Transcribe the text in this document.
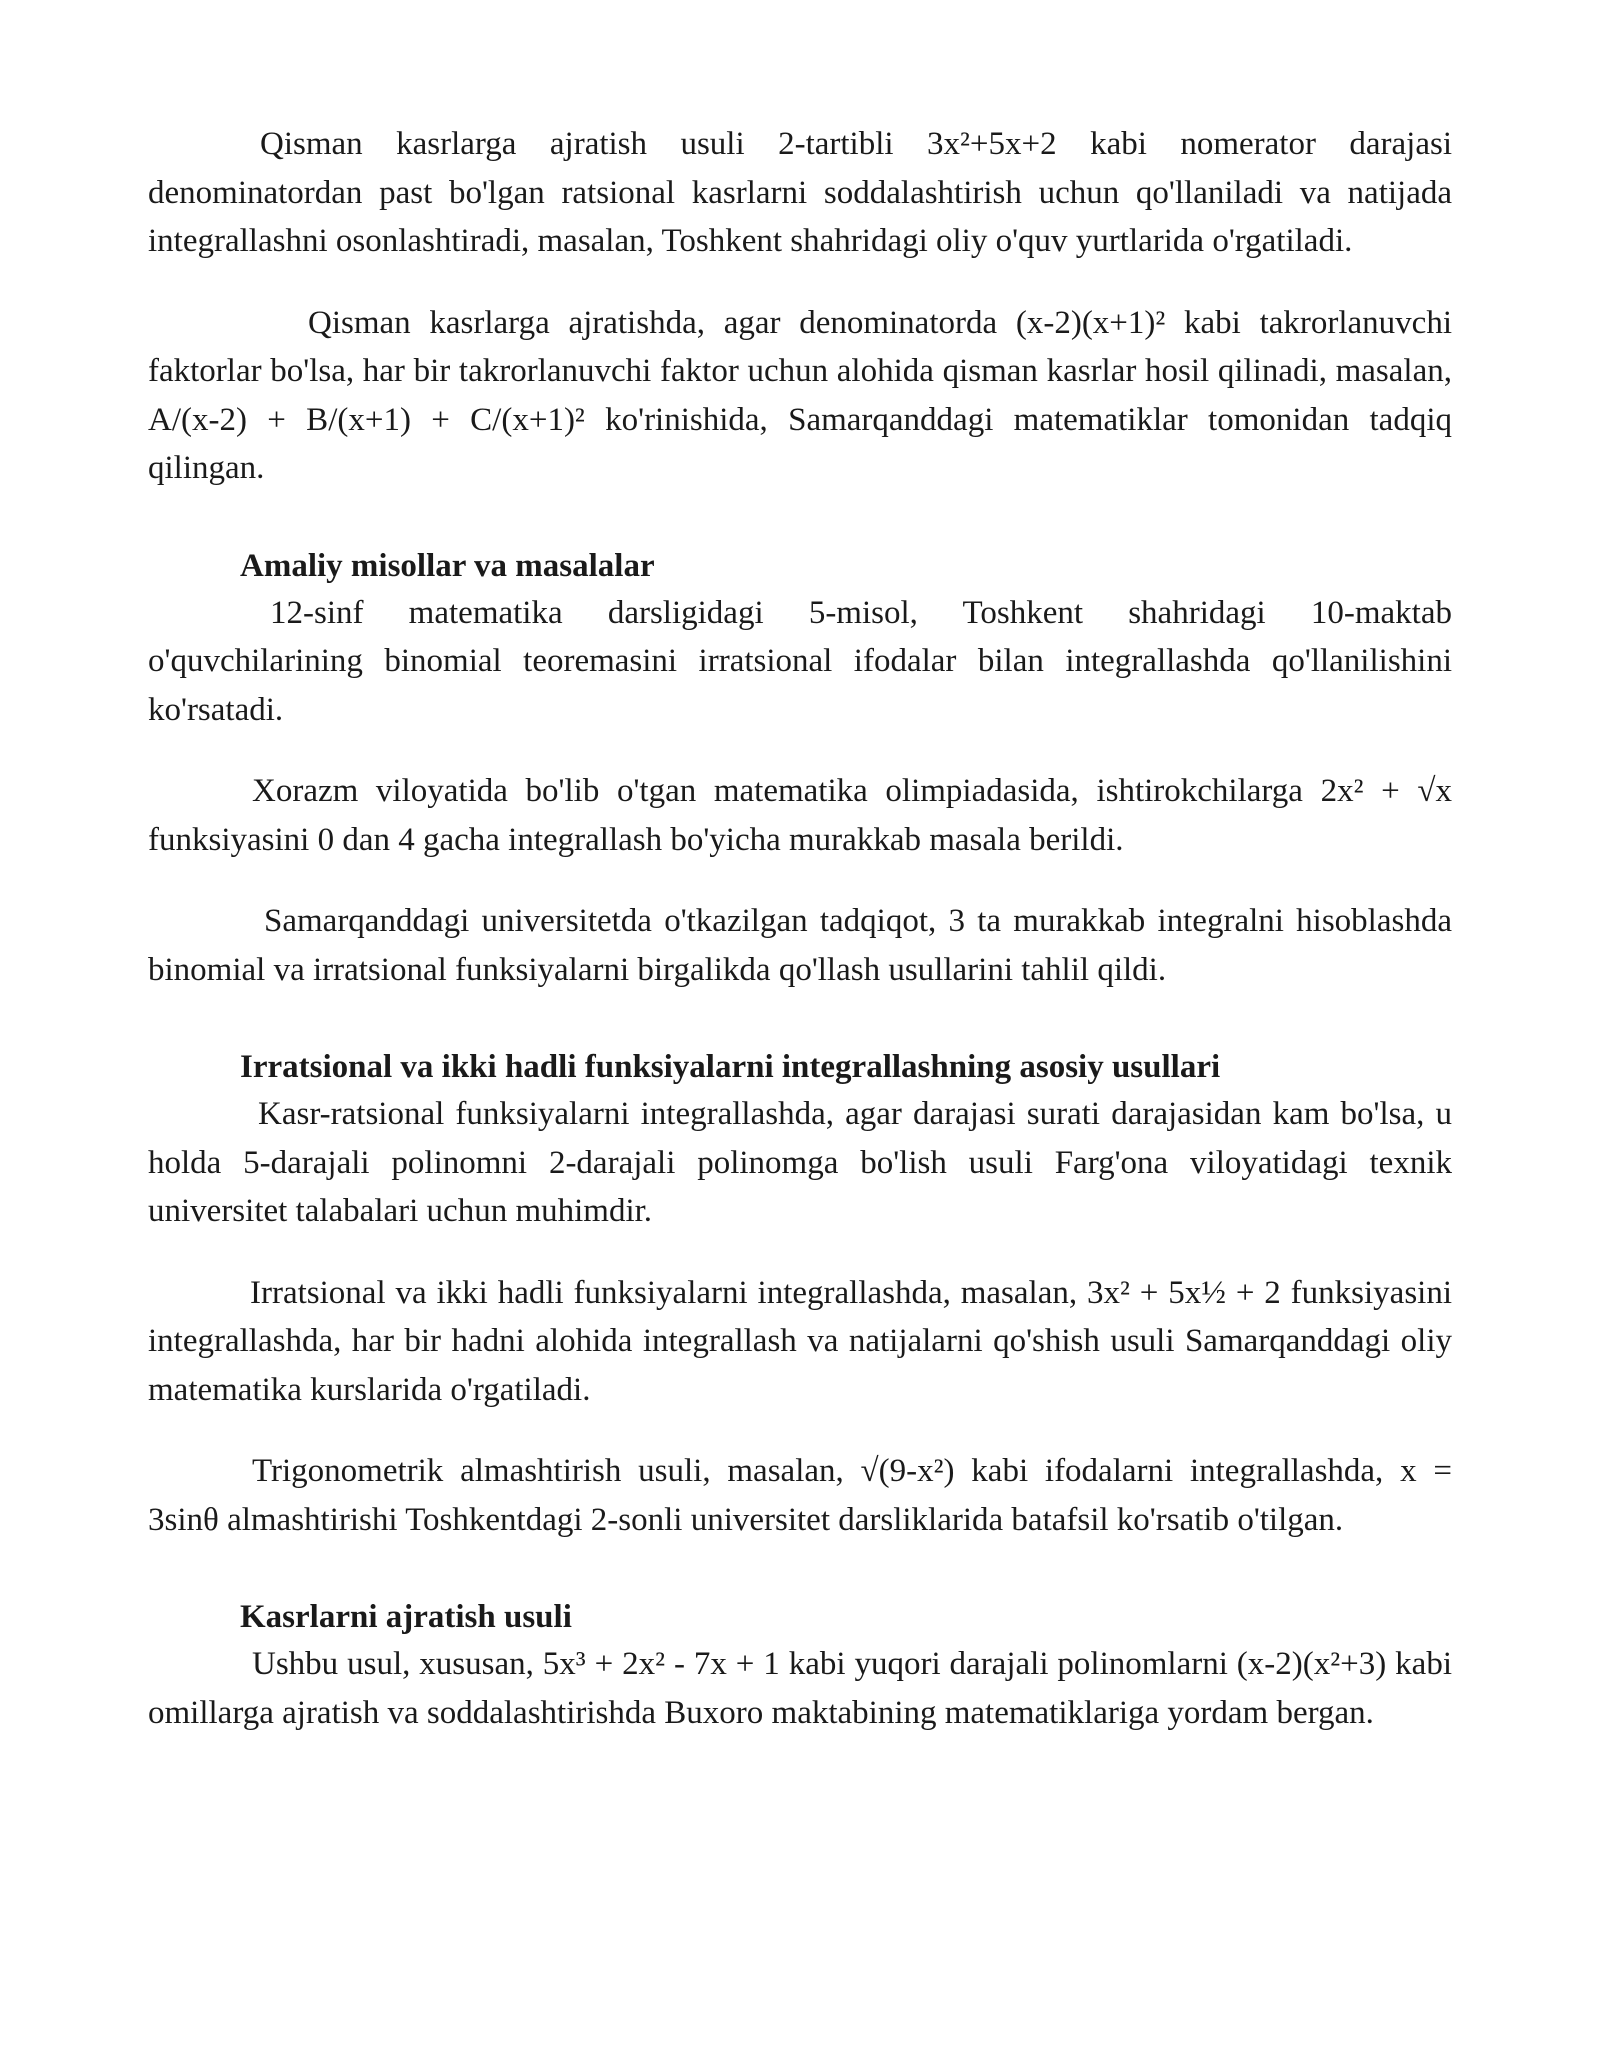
Qisman kasrlarga ajratish usuli 2-tartibli 3x²+5x+2 kabi nomerator darajasi denominatordan past bo'lgan ratsional kasrlarni soddalashtirish uchun qo'llaniladi va natijada integrallashni osonlashtiradi, masalan, Toshkent shahridagi oliy o'quv yurtlarida o'rgatiladi.

Qisman kasrlarga ajratishda, agar denominatorda (x-2)(x+1)² kabi takrorlanuvchi faktorlar bo'lsa, har bir takrorlanuvchi faktor uchun alohida qisman kasrlar hosil qilinadi, masalan, A/(x-2) + B/(x+1) + C/(x+1)² ko'rinishida, Samarqanddagi matematiklar tomonidan tadqiq qilingan.

Amaliy misollar va masalalar

12-sinf matematika darsligidagi 5-misol, Toshkent shahridagi 10-maktab o'quvchilarining binomial teoremasini irratsional ifodalar bilan integrallashda qo'llanilishini ko'rsatadi.

Xorazm viloyatida bo'lib o'tgan matematika olimpiadasida, ishtirokchilarga 2x² + √x funksiyasini 0 dan 4 gacha integrallash bo'yicha murakkab masala berildi.

Samarqanddagi universitetda o'tkazilgan tadqiqot, 3 ta murakkab integralni hisoblashda binomial va irratsional funksiyalarni birgalikda qo'llash usullarini tahlil qildi.

Irratsional va ikki hadli funksiyalarni integrallashning asosiy usullari

Kasr-ratsional funksiyalarni integrallashda, agar darajasi surati darajasidan kam bo'lsa, u holda 5-darajali polinomni 2-darajali polinomga bo'lish usuli Farg'ona viloyatidagi texnik universitet talabalari uchun muhimdir.

Irratsional va ikki hadli funksiyalarni integrallashda, masalan, 3x² + 5x½ + 2 funksiyasini integrallashda, har bir hadni alohida integrallash va natijalarni qo'shish usuli Samarqanddagi oliy matematika kurslarida o'rgatiladi.

Trigonometrik almashtirish usuli, masalan, √(9-x²) kabi ifodalarni integrallashda, x = 3sinθ almashtirishi Toshkentdagi 2-sonli universitet darsliklarida batafsil ko'rsatib o'tilgan.

Kasrlarni ajratish usuli

Ushbu usul, xususan, 5x³ + 2x² - 7x + 1 kabi yuqori darajali polinomlarni (x-2)(x²+3) kabi omillarga ajratish va soddalashtirishda Buxoro maktabining matematiklariga yordam bergan.
